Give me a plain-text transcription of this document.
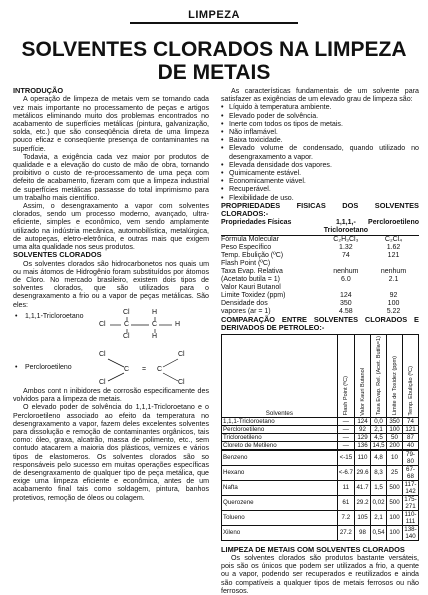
LIMPEZA
SOLVENTES CLORADOS NA LIMPEZA
DE METAIS

INTRODUÇÃO

A operação de limpeza de metais vem se tornando cada vez mais importante no processamento de peças e artigos metálicos eliminando muito dos problemas encontrados no acabamento de superfícies metálicas (pintura, galvanização, solda, etc.) que são conseqüência direta de uma limpeza pouco eficaz e conseqüente presença de contaminantes na superfície.

Todavia, a exigência cada vez maior por produtos de qualidade e a elevação do custo de mão de obra, tornando proibitivo o custo de re-processamento de uma peça com defeito de acabamento, fizeram com que a limpeza industrial de superfícies metálicas passasse do total imprimismo para um trabalho mais científico.

Assim, o desengraxamento a vapor com solventes clorados, sendo um processo moderno, avançado, ultra-eficiente, simples e econômico, vem sendo amplamente utilizado na indústria mecânica, automobilística, metalúrgica, de autopeças, eletro-eletrônica, e outras mais que exigem uma alta qualidade nos seus produtos.

SOLVENTES CLORADOS

Os solventes clorados são hidrocarbonetos nos quais um ou mais átomos de Hidrogênio foram substituídos por átomos de Cloro. No mercado brasileiro, existem dois tipos de solventes clorados, que são utilizados para o desengraxamento a frio ou a vapor de peças metálicas. São eles:

• 1,1,1-Tricloroetano
Cl	H
Cl	C	C	H
Cl	H
• Percloroetileno
Cl	Cl
C = C
Cl	Cl

Ambos cont n inibidores de corrosão especificamente des volvidos para a limpeza de metais.

O elevado poder de solvência do 1,1,1-Tricloroetano e o Percloroetileno associado ao efeito da temperatura no desengraxamento a vapor, fazem deles excelentes solventes para dissolução e remoção de contaminantes orgânicos, tais como: óleo, graxa, alcatrão, massa de polimento, etc., sem contudo atacarem a maioria dos plásticos, vernizes e vários tipos de elastomeros. Os solventes clorados são so responsáveis pelo sucesso em muitas operações específicas de desengraxamento de qualquer tipo de peça metálica, que exige uma limpeza eficiente e econômica, antes de um acabamento final tais como soldagem, pintura, banhos protetivos, remoção de óleos ou colagem.

As características fundamentais de um solvente para satisfazer as exigências de um elevado grau de limpeza são:

• Líquido à temperatura ambiente.
• Elevado poder de solvência.
• Inerte com todos os tipos de metais.
• Não inflamável.
• Baixa toxicidade.
• Elevado volume de condensado, quando utilizado no desengraxamento a vapor.
• Elevada densidade dos vapores.
• Quimicamente estável.
• Economicamente viável.
• Recuperável.
• Flexibilidade de uso.

PROPRIEDADES FISICAS DOS SOLVENTES CLORADOS:-

Propriedades Físicas	1,1,1,-Tricloroetano	Percloroetileno
Fórmula Molecular	C₂H₃Cl₃	C₂Cl₄
Peso Específico	1.32	1.62
Temp. Ebulição (ºC)	74	121
Flash Point (ºC)		
Taxa Evap. Relativa	nenhum	nenhum
(Acetato butila = 1)	6.0	2.1
Valor Kauri Butanol		
Limite Toxidez (ppm)	124	92
Densidade dos	350	100
vapores (ar = 1)	4.58	5.22

COMPARAÇÃO ENTRE SOLVENTES CLORADOS E DERIVADOS DE PETROLEO:-

Solventes	Flash Point (ºC)	Valor Kauri Butanol	Taxa Evap. Rel. (Acet. Butila=1)	Limite de Toxidez (ppm)	Temp. Ebulição (ºC)

1,1,1-Tricloroetano	—	124	0,0	350	74
Percloroetileno	—	92	2,1	100	121
Tricloroetileno	—	129	4,5	50	87
Cloreto de Metileno	—	136	14,5	200	40
Benzeno	<-15	110	4,8	10	79-80
Hexano	<-6.7	29.6	8,3	25	67-68
Nafta	11	41.7	1,5	500	117-142
Querozene	61	29.2	0,02	500	175-271
Tolueno	7.2	105	2,1	100	110-111
Xileno	27.2	98	0,54	100	138-140

LIMPEZA DE METAIS COM SOLVENTES CLORADOS

Os solventes clorados são produtos bastante versáteis, pois são os únicos que podem ser utilizados a frio, a quente ou a vapor, podendo ser recuperados e reutilizados e ainda são compatíveis a qualquer tipos de metais ferrosos ou não ferrosos.
